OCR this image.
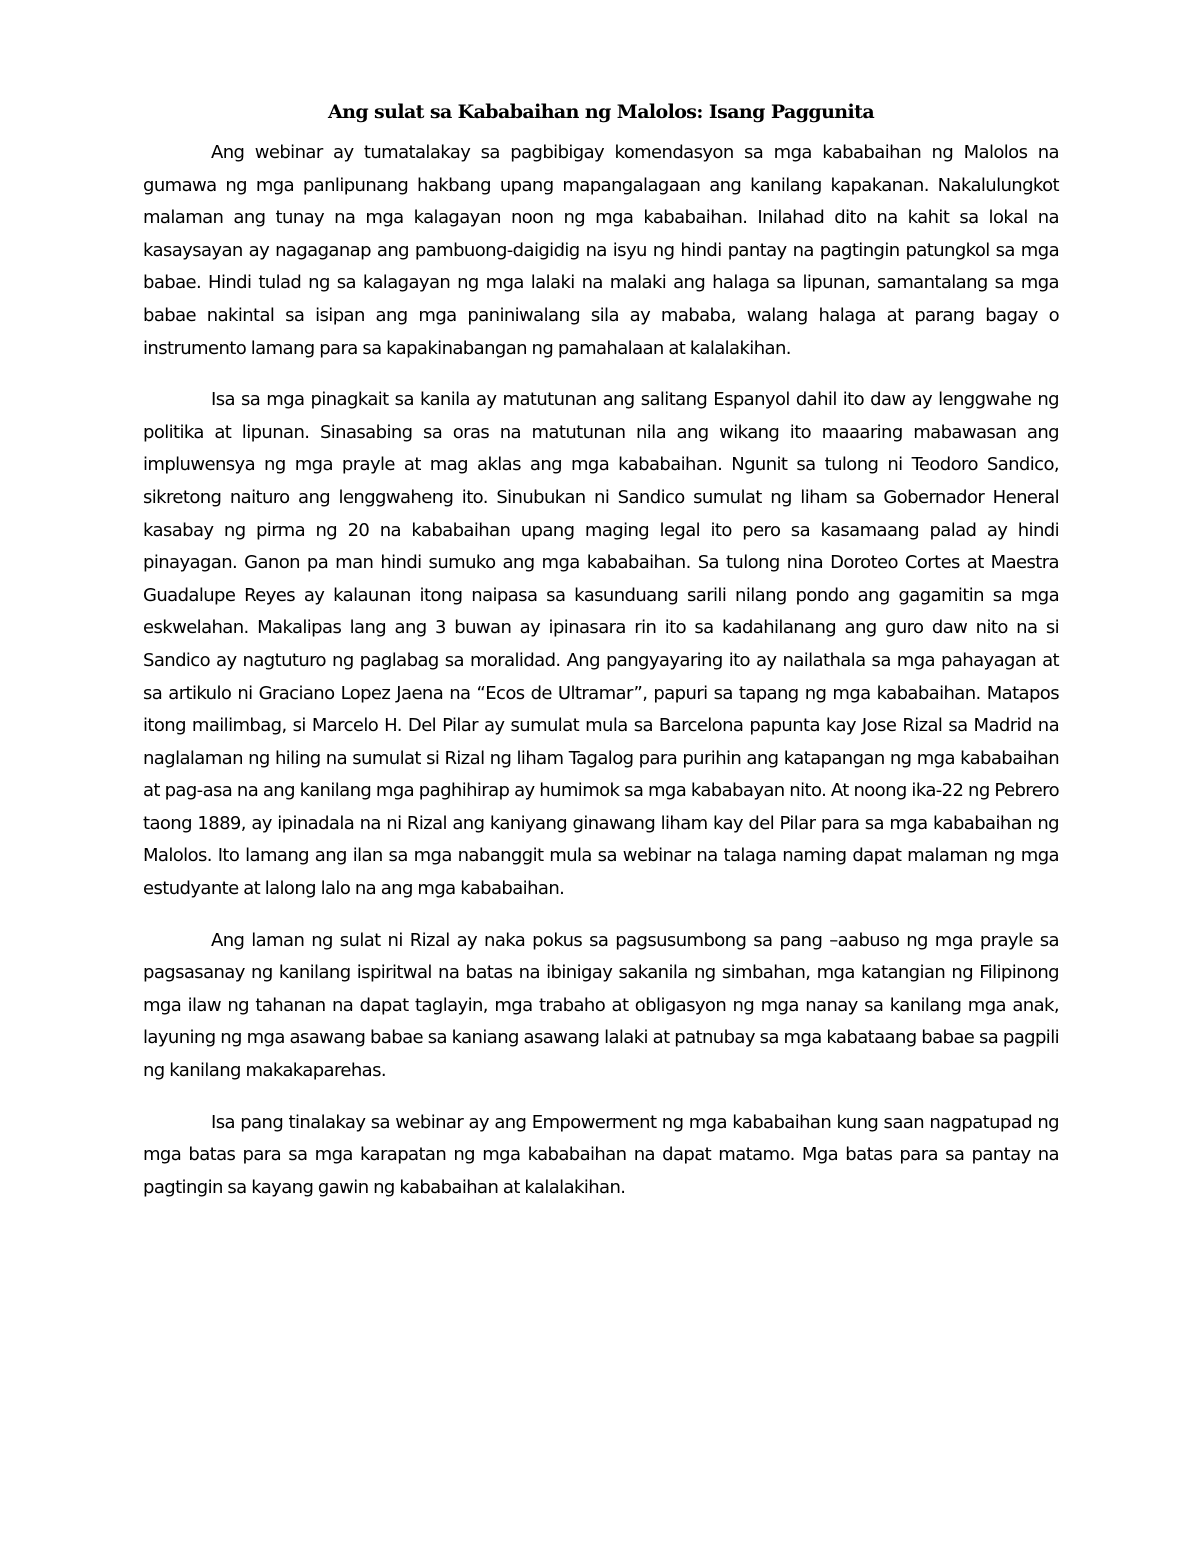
Ang sulat sa Kababaihan ng Malolos: Isang Paggunita

Ang webinar ay tumatalakay sa pagbibigay komendasyon sa mga kababaihan ng Malolos na gumawa ng mga panlipunang hakbang upang mapangalagaan ang kanilang kapakanan. Nakalulungkot malaman ang tunay na mga kalagayan noon ng mga kababaihan. Inilahad dito na kahit sa lokal na kasaysayan ay nagaganap ang pambuong-daigidig na isyu ng hindi pantay na pagtingin patungkol sa mga babae. Hindi tulad ng sa kalagayan ng mga lalaki na malaki ang halaga sa lipunan, samantalang sa mga babae nakintal sa isipan ang mga paniniwalang sila ay mababa, walang halaga at parang bagay o instrumento lamang para sa kapakinabangan ng pamahalaan at kalalakihan.

Isa sa mga pinagkait sa kanila ay matutunan ang salitang Espanyol dahil ito daw ay lenggwahe ng politika at lipunan. Sinasabing sa oras na matutunan nila ang wikang ito maaaring mabawasan ang impluwensya ng mga prayle at mag aklas ang mga kababaihan. Ngunit sa tulong ni Teodoro Sandico, sikretong naituro ang lenggwaheng ito. Sinubukan ni Sandico sumulat ng liham sa Gobernador Heneral kasabay ng pirma ng 20 na kababaihan upang maging legal ito pero sa kasamaang palad ay hindi pinayagan. Ganon pa man hindi sumuko ang mga kababaihan. Sa tulong nina Doroteo Cortes at Maestra Guadalupe Reyes ay kalaunan itong naipasa sa kasunduang sarili nilang pondo ang gagamitin sa mga eskwelahan. Makalipas lang ang 3 buwan ay ipinasara rin ito sa kadahilanang ang guro daw nito na si Sandico ay nagtuturo ng paglabag sa moralidad. Ang pangyayaring ito ay nailathala sa mga pahayagan at sa artikulo ni Graciano Lopez Jaena na “Ecos de Ultramar”, papuri sa tapang ng mga kababaihan. Matapos itong mailimbag, si Marcelo H. Del Pilar ay sumulat mula sa Barcelona papunta kay Jose Rizal sa Madrid na naglalaman ng hiling na sumulat si Rizal ng liham Tagalog para purihin ang katapangan ng mga kababaihan at pag-asa na ang kanilang mga paghihirap ay humimok sa mga kababayan nito. At noong ika-22 ng Pebrero taong 1889, ay ipinadala na ni Rizal ang kaniyang ginawang liham kay del Pilar para sa mga kababaihan ng Malolos. Ito lamang ang ilan sa mga nabanggit mula sa webinar na talaga naming dapat malaman ng mga estudyante at lalong lalo na ang mga kababaihan.

Ang laman ng sulat ni Rizal ay naka pokus sa pagsusumbong sa pang –aabuso ng mga prayle sa pagsasanay ng kanilang ispiritwal na batas na ibinigay sakanila ng simbahan, mga katangian ng Filipinong mga ilaw ng tahanan na dapat taglayin, mga trabaho at obligasyon ng mga nanay sa kanilang mga anak, layuning ng mga asawang babae sa kaniang asawang lalaki at patnubay sa mga kabataang babae sa pagpili ng kanilang makakaparehas.

Isa pang tinalakay sa webinar ay ang Empowerment ng mga kababaihan kung saan nagpatupad ng mga batas para sa mga karapatan ng mga kababaihan na dapat matamo. Mga batas para sa pantay na pagtingin sa kayang gawin ng kababaihan at kalalakihan.
